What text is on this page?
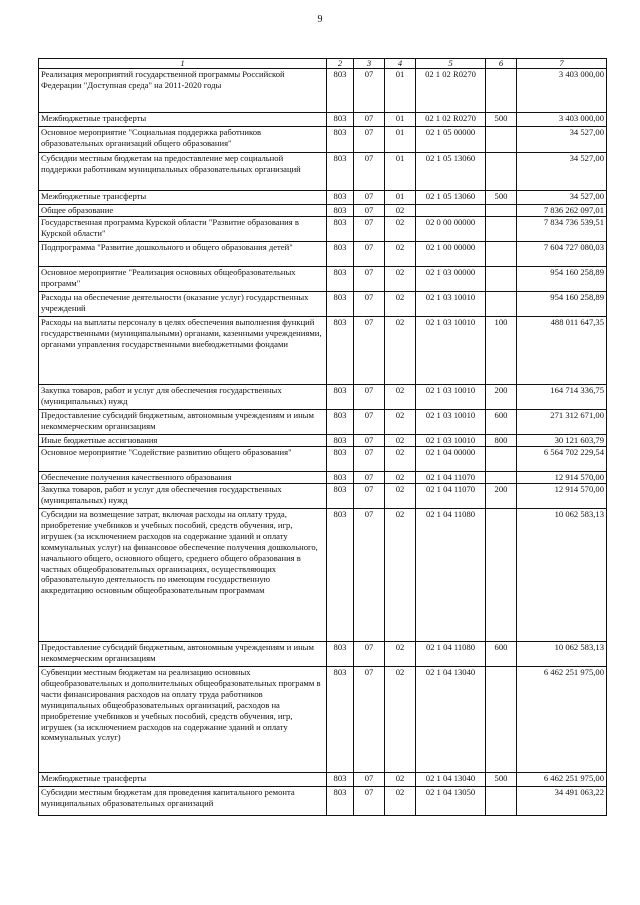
9
1	2	3	4	5	6	7
Реализация мероприятий государственной программы Российской Федерации "Доступная среда" на 2011-2020 годы	803	07	01	02 1 02 R0270		3 403 000,00
Межбюджетные трансферты	803	07	01	02 1 02 R0270	500	3 403 000,00
Основное мероприятие "Социальная поддержка работников образовательных организаций общего образования"	803	07	01	02 1 05 00000		34 527,00
Субсидии местным бюджетам на предоставление мер социальной поддержки работникам муниципальных образовательных организаций	803	07	01	02 1 05 13060		34 527,00
Межбюджетные трансферты	803	07	01	02 1 05 13060	500	34 527,00
Общее образование	803	07	02			7 836 262 097,01
Государственная программа Курской области "Развитие образования в Курской области"	803	07	02	02 0 00 00000		7 834 736 539,51
Подпрограмма "Развитие дошкольного и общего образования детей"	803	07	02	02 1 00 00000		7 604 727 080,03
Основное мероприятие "Реализация основных общеобразовательных программ"	803	07	02	02 1 03 00000		954 160 258,89
Расходы на обеспечение деятельности (оказание услуг) государственных учреждений	803	07	02	02 1 03 10010		954 160 258,89
Расходы на выплаты персоналу в целях обеспечения выполнения функций государственными (муниципальными) органами, казенными учреждениями, органами управления государственными внебюджетными фондами	803	07	02	02 1 03 10010	100	488 011 647,35
Закупка товаров, работ и услуг для обеспечения государственных (муниципальных) нужд	803	07	02	02 1 03 10010	200	164 714 336,75
Предоставление субсидий бюджетным, автономным учреждениям и иным некоммерческим организациям	803	07	02	02 1 03 10010	600	271 312 671,00
Иные бюджетные ассигнования	803	07	02	02 1 03 10010	800	30 121 603,79
Основное мероприятие "Содействие развитию общего образования"	803	07	02	02 1 04 00000		6 564 702 229,54
Обеспечение получения качественного образования	803	07	02	02 1 04 11070		12 914 570,00
Закупка товаров, работ и услуг для обеспечения государственных (муниципальных) нужд	803	07	02	02 1 04 11070	200	12 914 570,00
Субсидии на возмещение затрат, включая расходы на оплату труда, приобретение учебников и учебных пособий, средств обучения, игр, игрушек (за исключением расходов на содержание зданий и оплату коммунальных услуг) на финансовое обеспечение получения дошкольного, начального общего, основного общего, среднего общего образования в частных общеобразовательных организациях, осуществляющих образовательную деятельность по имеющим государственную аккредитацию основным общеобразовательным программам	803	07	02	02 1 04 11080		10 062 583,13
Предоставление субсидий бюджетным, автономным учреждениям и иным некоммерческим организациям	803	07	02	02 1 04 11080	600	10 062 583,13
Субвенции местным бюджетам на реализацию основных общеобразовательных и дополнительных общеобразовательных программ в части финансирования расходов на оплату труда работников муниципальных общеобразовательных организаций, расходов на приобретение учебников и учебных пособий, средств обучения, игр, игрушек (за исключением расходов на содержание зданий и оплату коммунальных услуг)	803	07	02	02 1 04 13040		6 462 251 975,00
Межбюджетные трансферты	803	07	02	02 1 04 13040	500	6 462 251 975,00
Субсидии местным бюджетам для проведения капитального ремонта муниципальных образовательных организаций	803	07	02	02 1 04 13050		34 491 063,22
